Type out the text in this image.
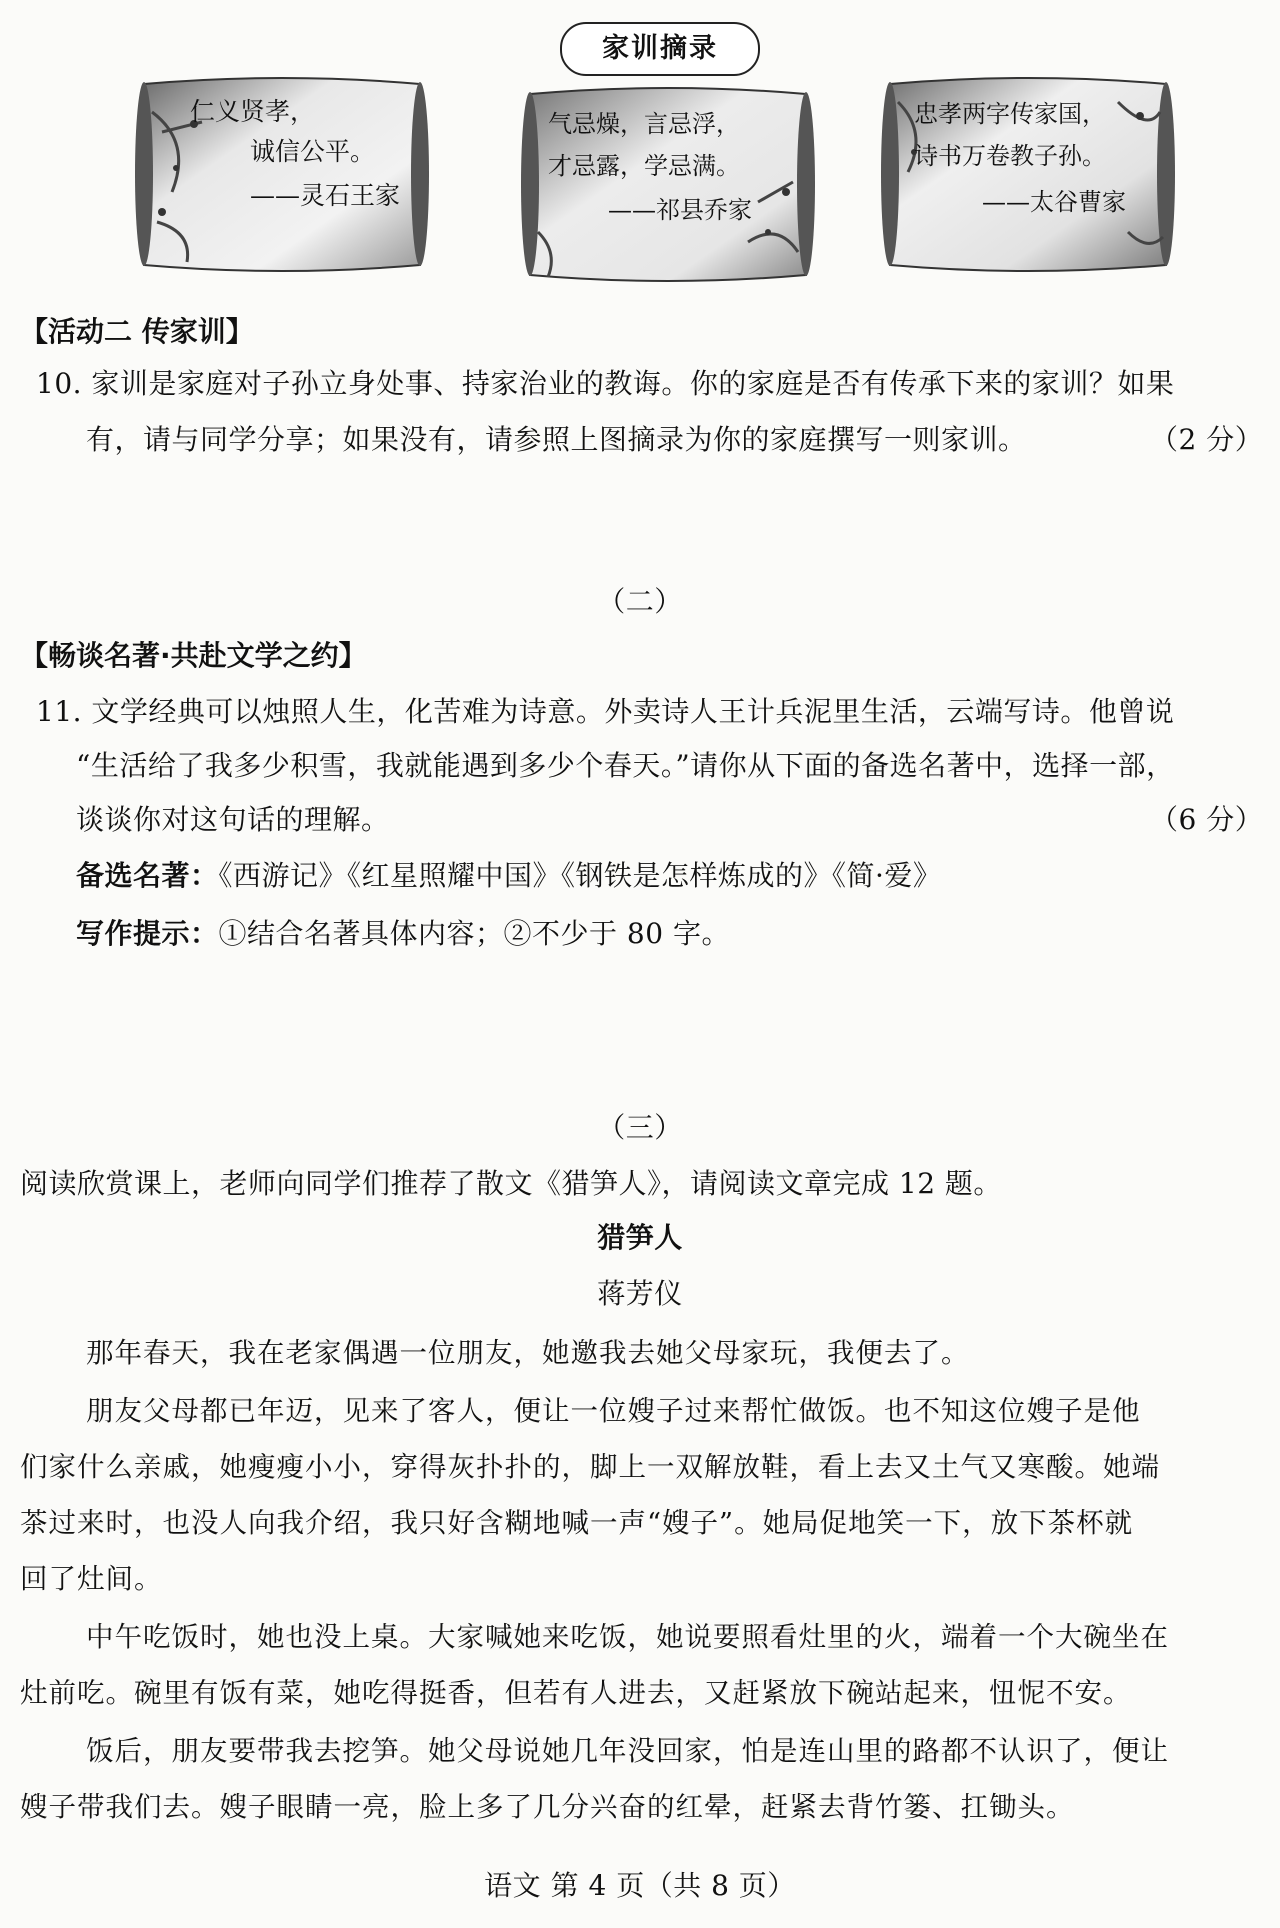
家训摘录
仁义贤孝，
诚信公平。
——灵石王家
气忌燥，言忌浮，
才忌露，学忌满。
——祁县乔家
忠孝两字传家国，
诗书万卷教子孙。
——太谷曹家
【活动二 传家训】
10. 家训是家庭对子孙立身处事、持家治业的教诲。你的家庭是否有传承下来的家训？如果
有，请与同学分享；如果没有，请参照上图摘录为你的家庭撰写一则家训。	（2 分）
（二）
【畅谈名著·共赴文学之约】
11. 文学经典可以烛照人生，化苦难为诗意。外卖诗人王计兵泥里生活，云端写诗。他曾说
“生活给了我多少积雪，我就能遇到多少个春天。”请你从下面的备选名著中，选择一部，
谈谈你对这句话的理解。	（6 分）
备选名著：《西游记》《红星照耀中国》《钢铁是怎样炼成的》《简·爱》
写作提示：①结合名著具体内容；②不少于 80 字。
（三）
阅读欣赏课上，老师向同学们推荐了散文《猎笋人》，请阅读文章完成 12 题。
猎笋人
蒋芳仪
那年春天，我在老家偶遇一位朋友，她邀我去她父母家玩，我便去了。
朋友父母都已年迈，见来了客人，便让一位嫂子过来帮忙做饭。也不知这位嫂子是他
们家什么亲戚，她瘦瘦小小，穿得灰扑扑的，脚上一双解放鞋，看上去又土气又寒酸。她端
茶过来时，也没人向我介绍，我只好含糊地喊一声“嫂子”。她局促地笑一下，放下茶杯就
回了灶间。
中午吃饭时，她也没上桌。大家喊她来吃饭，她说要照看灶里的火，端着一个大碗坐在
灶前吃。碗里有饭有菜，她吃得挺香，但若有人进去，又赶紧放下碗站起来，忸怩不安。
饭后，朋友要带我去挖笋。她父母说她几年没回家，怕是连山里的路都不认识了，便让
嫂子带我们去。嫂子眼睛一亮，脸上多了几分兴奋的红晕，赶紧去背竹篓、扛锄头。
语文 第 4 页（共 8 页）
